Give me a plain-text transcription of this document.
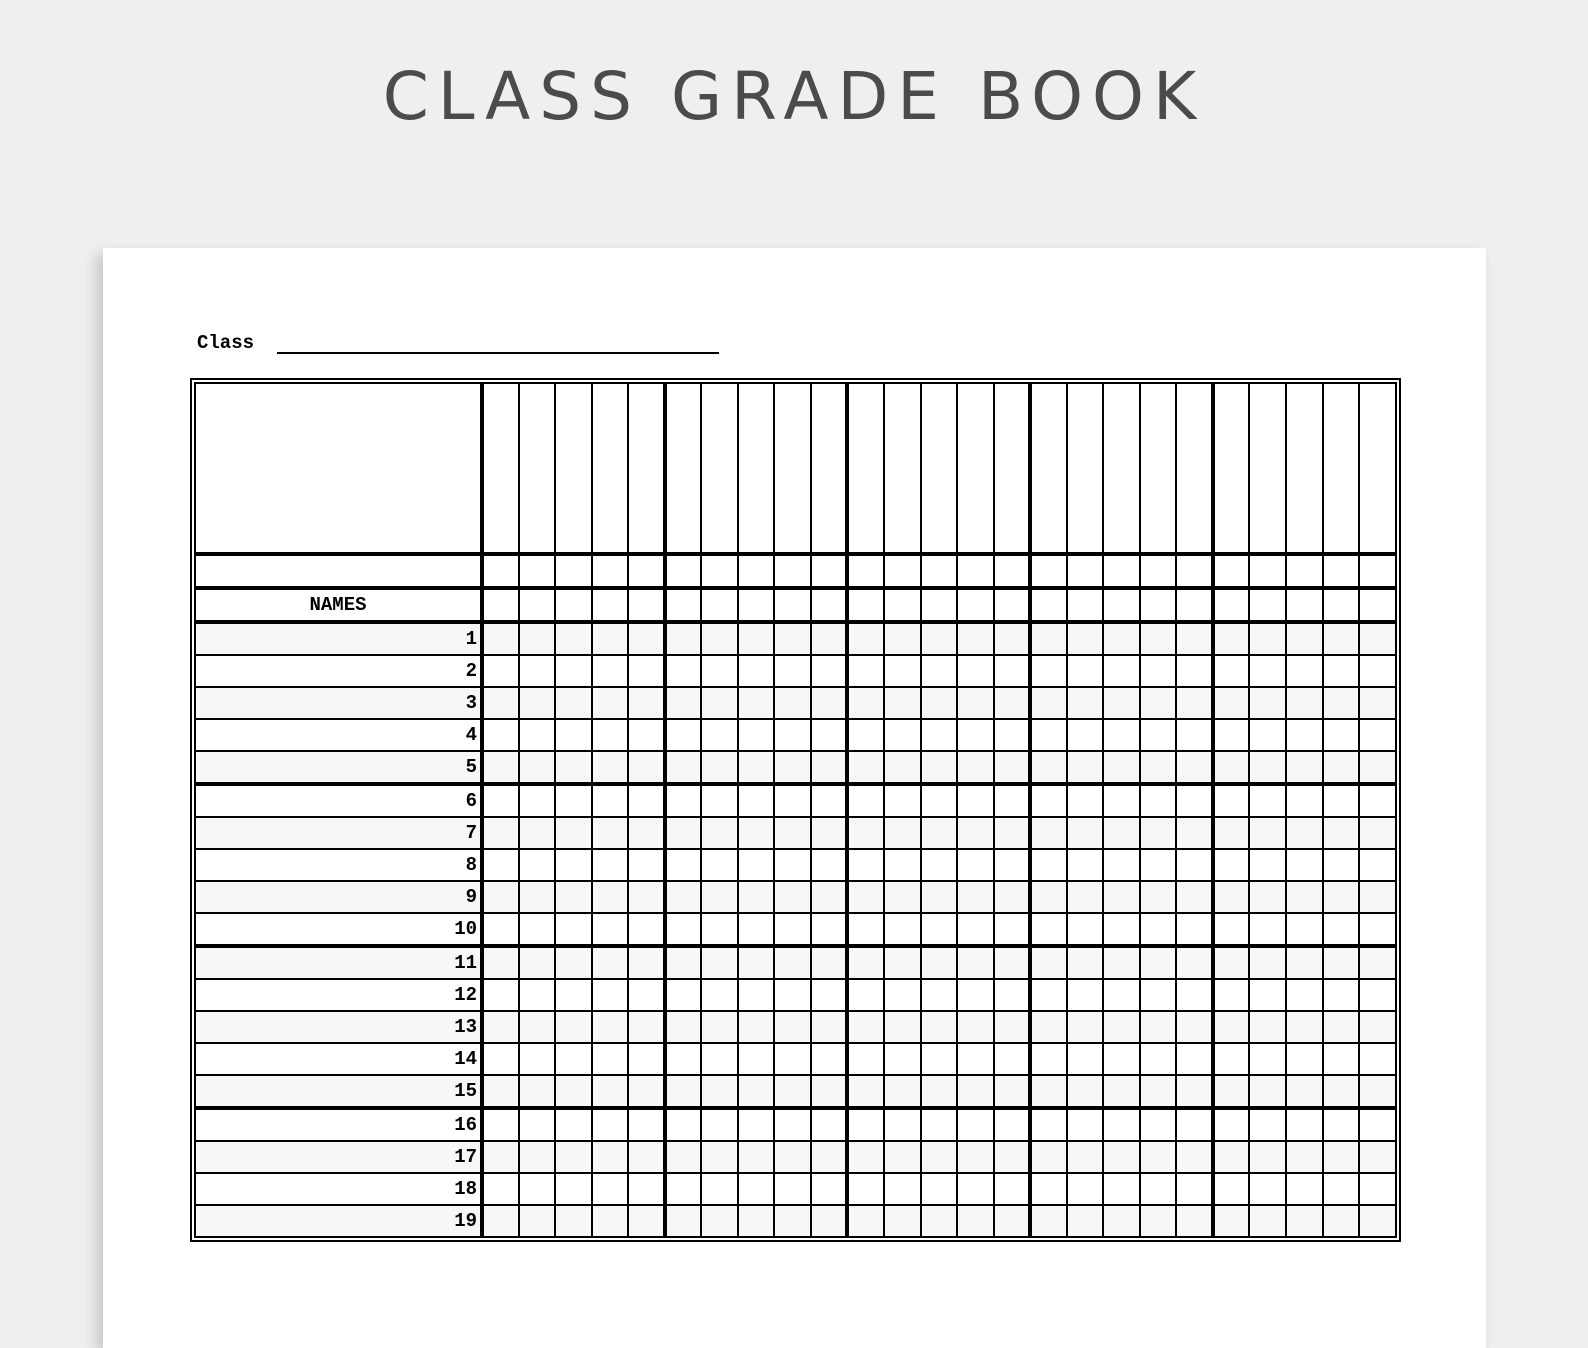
CLASS GRADE BOOK
Class

NAMES																									
1																									
2																									
3																									
4																									
5																									
6																									
7																									
8																									
9																									
10																									
11																									
12																									
13																									
14																									
15																									
16																									
17																									
18																									
19																									
